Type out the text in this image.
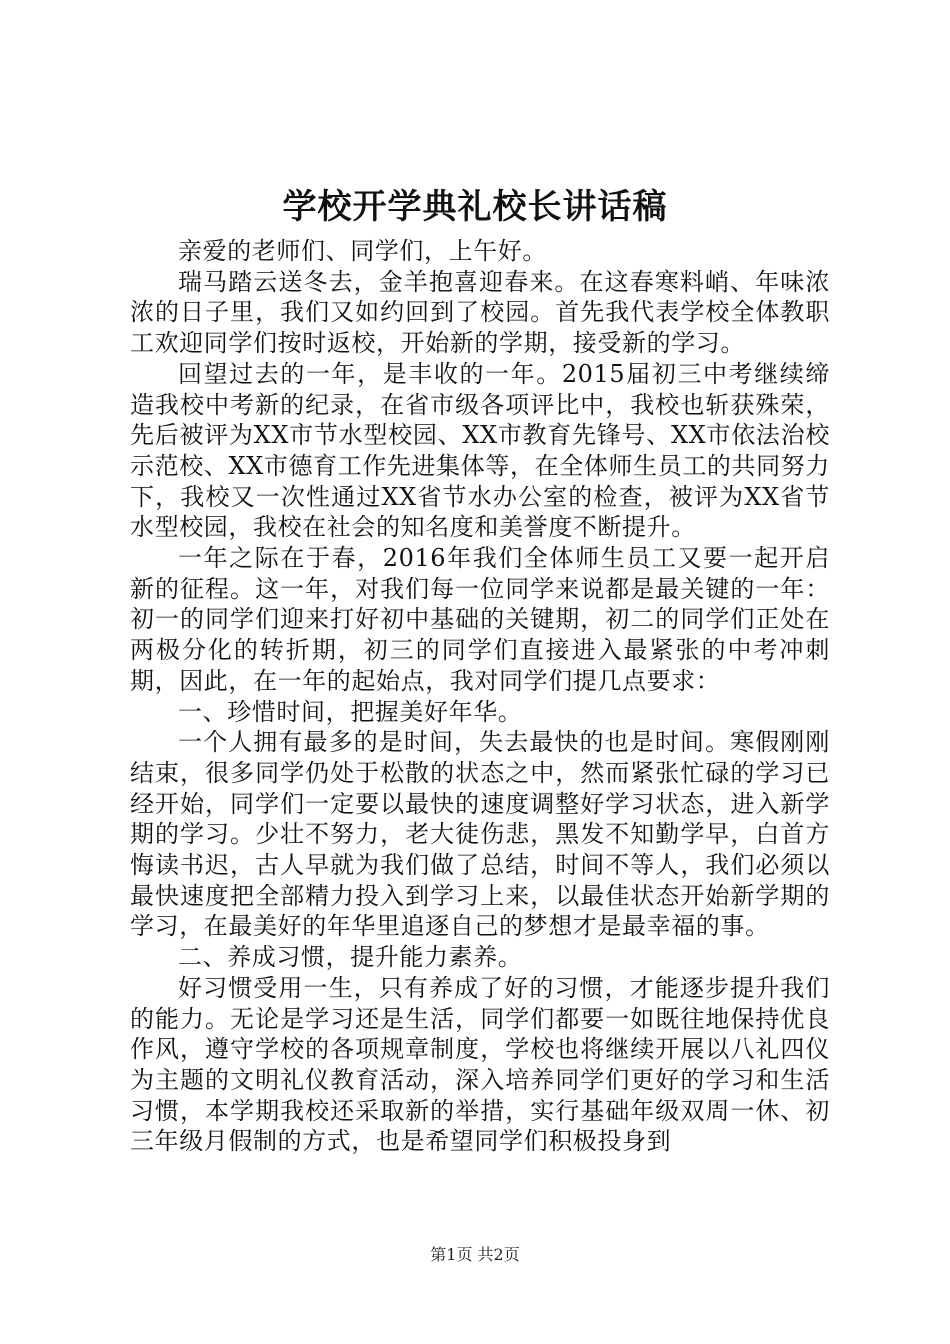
学校开学典礼校长讲话稿

亲爱的老师们、同学们，上午好。

瑞马踏云送冬去，金羊抱喜迎春来。在这春寒料峭、年味浓浓的日子里，我们又如约回到了校园。首先我代表学校全体教职工欢迎同学们按时返校，开始新的学期，接受新的学习。

回望过去的一年，是丰收的一年。2015届初三中考继续缔造我校中考新的纪录，在省市级各项评比中，我校也斩获殊荣，先后被评为XX市节水型校园、XX市教育先锋号、XX市依法治校示范校、XX市德育工作先进集体等，在全体师生员工的共同努力下，我校又一次性通过XX省节水办公室的检查，被评为XX省节水型校园，我校在社会的知名度和美誉度不断提升。

一年之际在于春，2016年我们全体师生员工又要一起开启新的征程。这一年，对我们每一位同学来说都是最关键的一年：初一的同学们迎来打好初中基础的关键期，初二的同学们正处在两极分化的转折期，初三的同学们直接进入最紧张的中考冲刺期，因此，在一年的起始点，我对同学们提几点要求：

一、珍惜时间，把握美好年华。

一个人拥有最多的是时间，失去最快的也是时间。寒假刚刚结束，很多同学仍处于松散的状态之中，然而紧张忙碌的学习已经开始，同学们一定要以最快的速度调整好学习状态，进入新学期的学习。少壮不努力，老大徒伤悲，黑发不知勤学早，白首方悔读书迟，古人早就为我们做了总结，时间不等人，我们必须以最快速度把全部精力投入到学习上来，以最佳状态开始新学期的学习，在最美好的年华里追逐自己的梦想才是最幸福的事。

二、养成习惯，提升能力素养。

好习惯受用一生，只有养成了好的习惯，才能逐步提升我们的能力。无论是学习还是生活，同学们都要一如既往地保持优良作风，遵守学校的各项规章制度，学校也将继续开展以八礼四仪为主题的文明礼仪教育活动，深入培养同学们更好的学习和生活习惯，本学期我校还采取新的举措，实行基础年级双周一休、初三年级月假制的方式，也是希望同学们积极投身到

第1页 共2页
